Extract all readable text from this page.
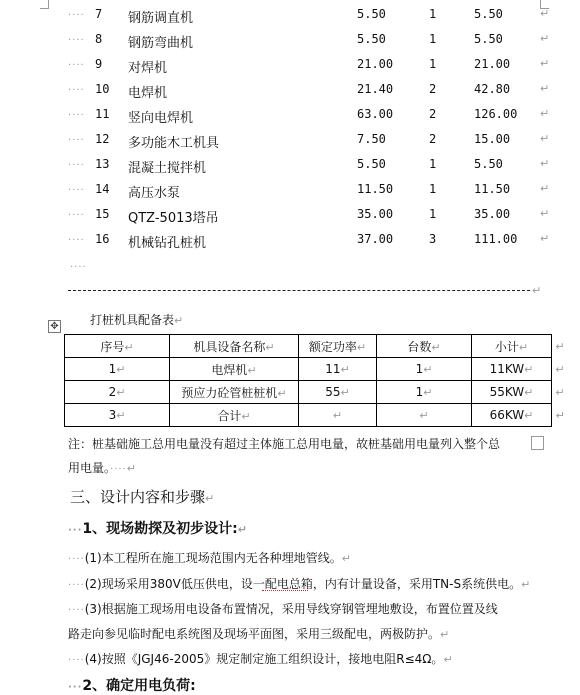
···· 7 钢筋调直机	5.50	1	5.50	↵
···· 8 钢筋弯曲机	5.50	1	5.50	↵
···· 9 对焊机	21.00	1	21.00	↵
···· 10 电焊机	21.40	2	42.80	↵
···· 11 竖向电焊机	63.00	2	126.00 ↵
···· 12 多功能木工机具	7.50	2	15.00	↵
···· 13 混凝土搅拌机	5.50	1	5.50	↵
···· 14 高压水泵	11.50	1	11.50	↵
···· 15 QTZ-5013塔吊	35.00	1	35.00	↵
···· 16 机械钻孔桩机	37.00	3	111.00 ↵
····
↵
✥	打桩机具配备表↵
序号↵	机具设备名称↵	额定功率↵	台数↵	小计↵	↵
1↵	电焊机↵	11↵	1↵	11KW↵	↵
2↵	预应力砼管桩桩机↵	55↵	1↵	55KW↵	↵
3↵	合计↵	↵	↵	66KW↵	↵
注：桩基础施工总用电量没有超过主体施工总用电量，故桩基础用电量列入整个总
用电量。····↵
三、设计内容和步骤↵
···1、现场勘探及初步设计:↵
····(1)本工程所在施工现场范围内无各种埋地管线。↵
····(2)现场采用380V低压供电，设一配电总箱，内有计量设备，采用TN-S系统供电。↵
····(3)根据施工现场用电设备布置情况，采用导线穿钢管埋地敷设，布置位置及线
路走向参见临时配电系统图及现场平面图，采用三级配电，两极防护。↵
····(4)按照《JGJ46-2005》规定制定施工组织设计，接地电阻R≤4Ω。↵
···2、确定用电负荷:
